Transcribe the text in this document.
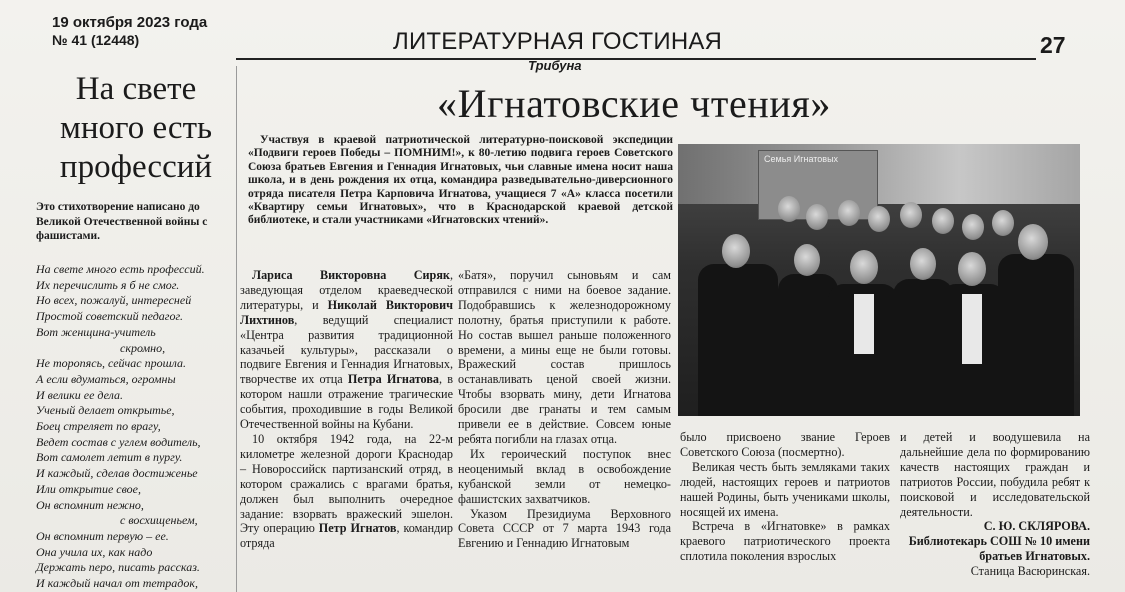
19 октября 2023 года
№ 41 (12448)	ЛИТЕРАТУРНАЯ ГОСТИНАЯ
Трибуна
27
На свете
много есть
профессий
Это стихотворение написано до Великой Отечественной войны с фашистами.
На свете много есть профессий.
Их перечислить я б не смог.
Но всех, пожалуй, интересней
Простой советский педагог.
Вот женщина-учитель
скромно,
Не торопясь, сейчас прошла.
А если вдуматься, огромны
И велики ее дела.
Ученый делает открытье,
Боец стреляет по врагу,
Ведет состав с углем водитель,
Вот самолет летит в пургу.
И каждый, сделав достиженье
Или открытие свое,
Он вспомнит нежно,
с восхищеньем,
Он вспомнит первую – ее.
Она учила их, как надо
Держать перо, писать рассказ.
И каждый начал от тетрадок,
«Игнатовские чтения»
Участвуя в краевой патриотической литературно-поисковой экспедиции «Подвиги героев Победы – ПОМНИМ!», к 80-летию подвига героев Советского Союза братьев Евгения и Геннадия Игнатовых, чьи славные имена носит наша школа, и в день рождения их отца, командира разведывательно-диверсионного отряда писателя Петра Карповича Игнатова, учащиеся 7 «А» класса посетили «Квартиру семьи Игнатовых», что в Краснодарской краевой детской библиотеке, и стали участниками «Игнатовских чтений».
Семья Игнатовых

Лариса Викторовна Сиряк, заведующая отделом краеведческой литературы, и Николай Викторович Лихтинов, ведущий специалист «Центра развития традиционной казачьей культуры», рассказали о подвиге Евгения и Геннадия Игнатовых, творчестве их отца Петра Игнатова, в котором нашли отражение трагические события, проходившие в годы Великой Отечественной войны на Кубани.

10 октября 1942 года, на 22-м километре железной дороги Краснодар – Новороссийск партизанский отряд, в котором сражались с врагами братья, должен был выполнить очередное задание: взорвать вражеский эшелон. Эту операцию Петр Игнатов, командир отряда

«Батя», поручил сыновьям и сам отправился с ними на боевое задание. Подобравшись к железнодорожному полотну, братья приступили к работе. Но состав вышел раньше положенного времени, а мины еще не были готовы. Вражеский состав пришлось останавливать ценой своей жизни. Чтобы взорвать мину, дети Игнатова бросили две гранаты и тем самым привели ее в действие. Совсем юные ребята погибли на глазах отца.

Их героический поступок внес неоценимый вклад в освобождение кубанской земли от немецко-фашистских захватчиков.

Указом Президиума Верховного Совета СССР от 7 марта 1943 года Евгению и Геннадию Игнатовым

было присвоено звание Героев Советского Союза (посмертно).

Великая честь быть земляками таких людей, настоящих героев и патриотов нашей Родины, быть учениками школы, носящей их имена.

Встреча в «Игнатовке» в рамках краевого патриотического проекта сплотила поколения взрослых

и детей и воодушевила на дальнейшие дела по формированию качеств настоящих граждан и патриотов России, побудила ребят к поисковой и исследовательской деятельности.

С. Ю. СКЛЯРОВА.

Библиотекарь СОШ № 10 имени братьев Игнатовых.

Станица Васюринская.
